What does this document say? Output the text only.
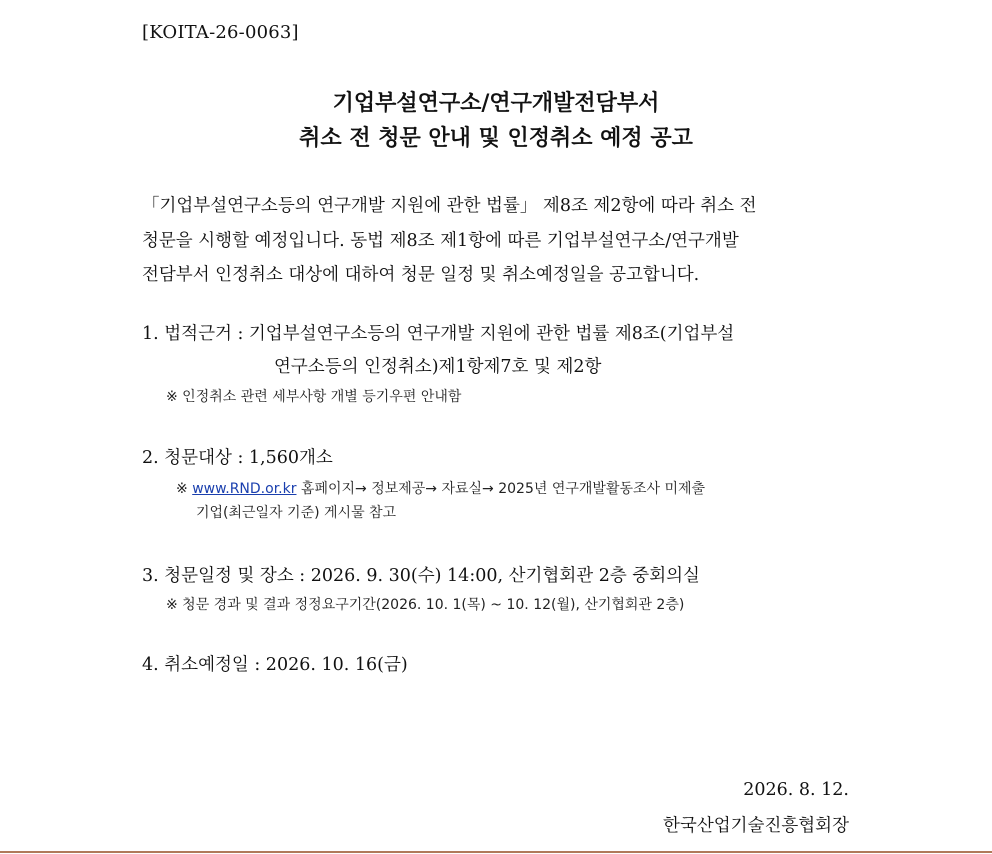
[KOITA-26-0063]
기업부설연구소/연구개발전담부서
취소 전 청문 안내 및 인정취소 예정 공고
「기업부설연구소등의 연구개발 지원에 관한 법률」 제8조 제2항에 따라 취소 전
청문을 시행할 예정입니다. 동법 제8조 제1항에 따른 기업부설연구소/연구개발
전담부서 인정취소 대상에 대하여 청문 일정 및 취소예정일을 공고합니다.
1. 법적근거 : 기업부설연구소등의 연구개발 지원에 관한 법률 제8조(기업부설
연구소등의 인정취소)제1항제7호 및 제2항
※ 인정취소 관련 세부사항 개별 등기우편 안내함
2. 청문대상 : 1,560개소
※ www.RND.or.kr 홈페이지→ 정보제공→ 자료실→ 2025년 연구개발활동조사 미제출
기업(최근일자 기준) 게시물 참고
3. 청문일정 및 장소 : 2026. 9. 30(수) 14:00, 산기협회관 2층 중회의실
※ 청문 경과 및 결과 정정요구기간(2026. 10. 1(목) ~ 10. 12(월), 산기협회관 2층)
4. 취소예정일 : 2026. 10. 16(금)
2026. 8. 12.
한국산업기술진흥협회장
